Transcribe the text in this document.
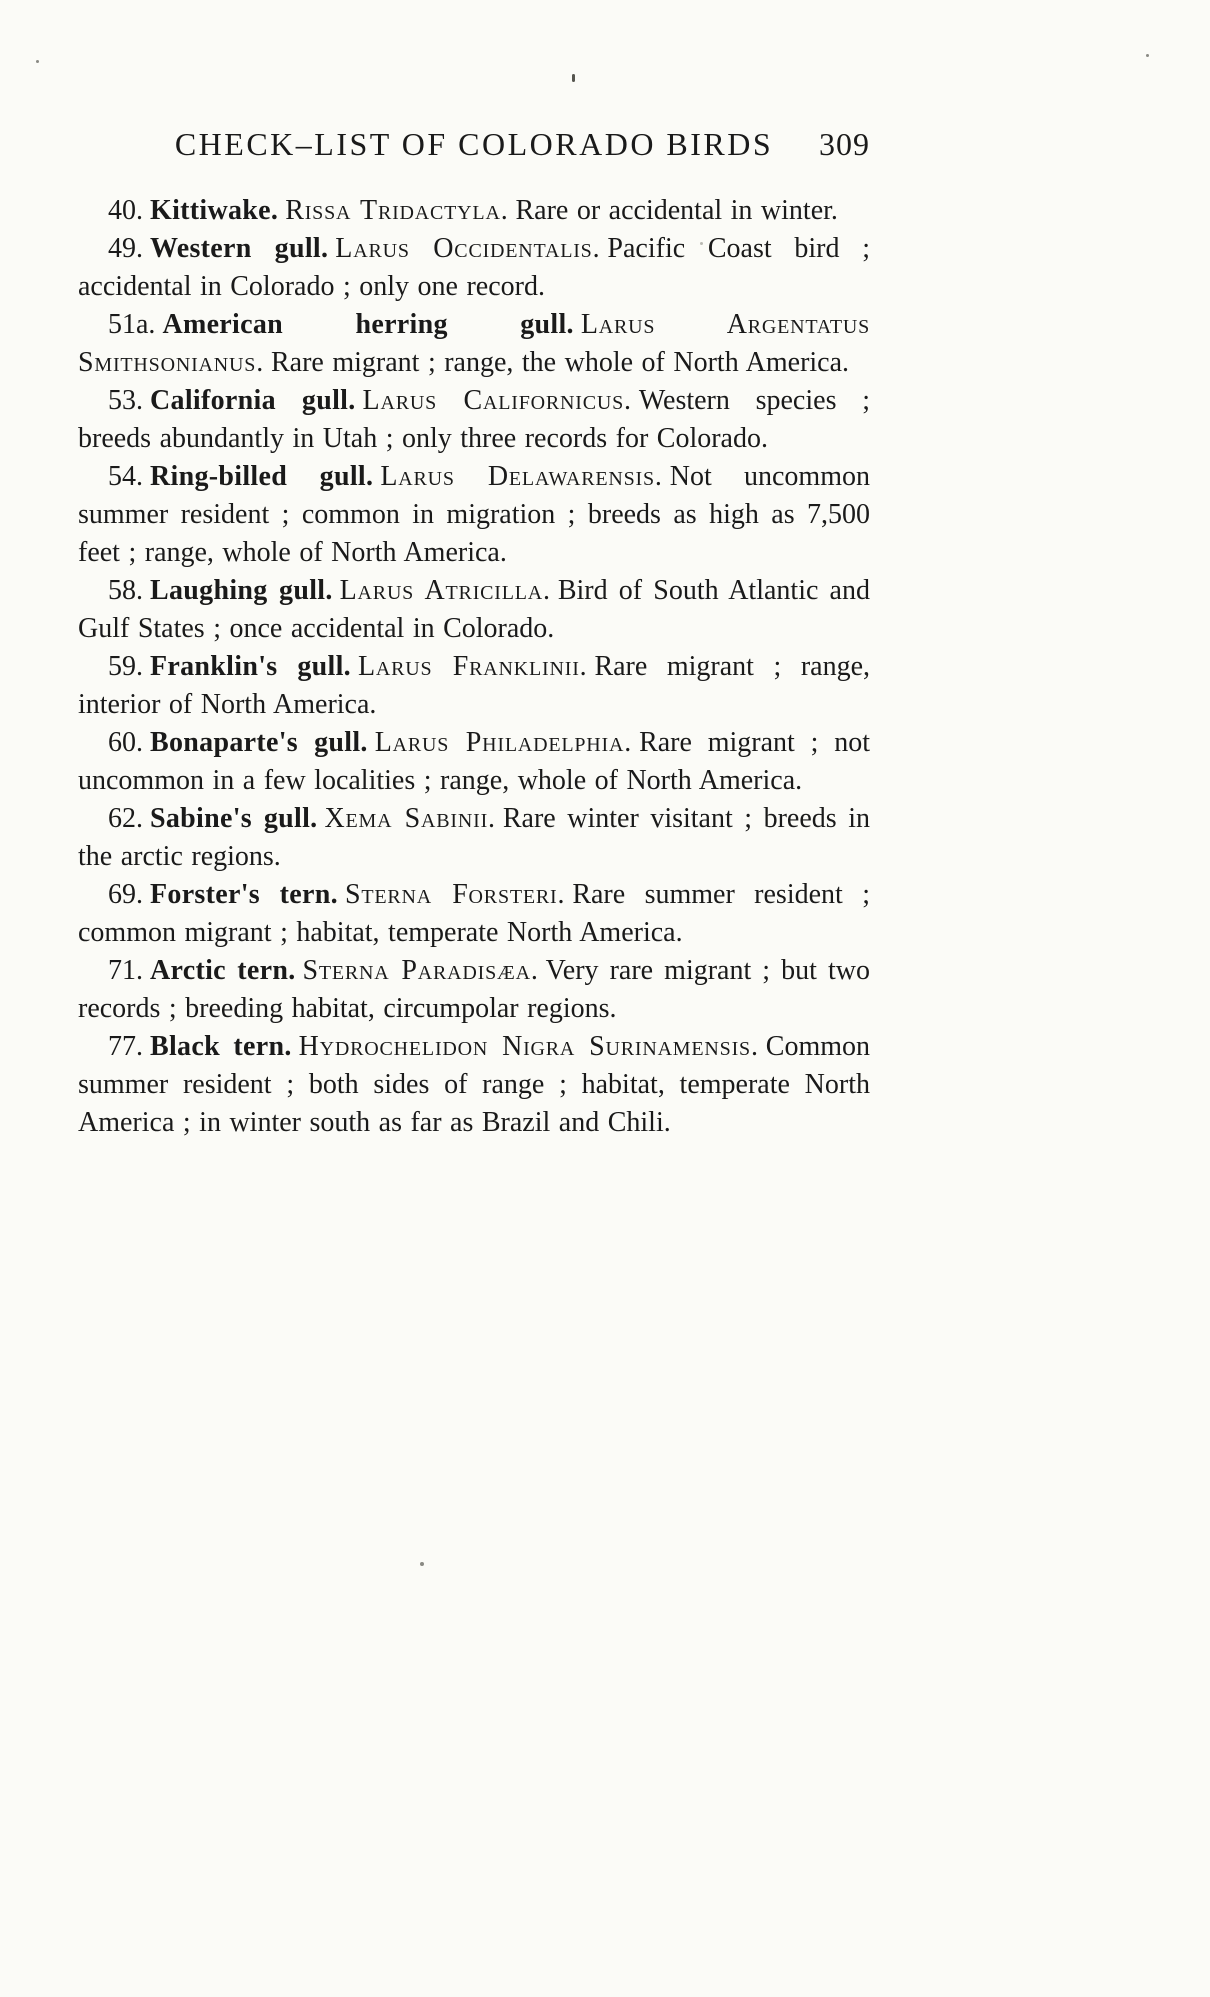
CHECK–LIST OF COLORADO BIRDS 309

40. Kittiwake. Rissa Tridactyla. Rare or accidental in winter.

49. Western gull. Larus Occidentalis. Pacific Coast bird ; accidental in Colorado ; only one record.

51a. American herring gull. Larus Argentatus Smithsonianus. Rare migrant ; range, the whole of North America.

53. California gull. Larus Californicus. Western species ; breeds abundantly in Utah ; only three records for Colorado.

54. Ring-billed gull. Larus Delawarensis. Not uncommon summer resident ; common in migration ; breeds as high as 7,500 feet ; range, whole of North America.

58. Laughing gull. Larus Atricilla. Bird of South Atlantic and Gulf States ; once accidental in Colorado.

59. Franklin's gull. Larus Franklinii. Rare migrant ; range, interior of North America.

60. Bonaparte's gull. Larus Philadelphia. Rare migrant ; not uncommon in a few localities ; range, whole of North America.

62. Sabine's gull. Xema Sabinii. Rare winter visitant ; breeds in the arctic regions.

69. Forster's tern. Sterna Forsteri. Rare summer resident ; common migrant ; habitat, temperate North America.

71. Arctic tern. Sterna Paradisæa. Very rare migrant ; but two records ; breeding habitat, circumpolar regions.

77. Black tern. Hydrochelidon Nigra Surinamensis. Common summer resident ; both sides of range ; habitat, temperate North America ; in winter south as far as Brazil and Chili.
